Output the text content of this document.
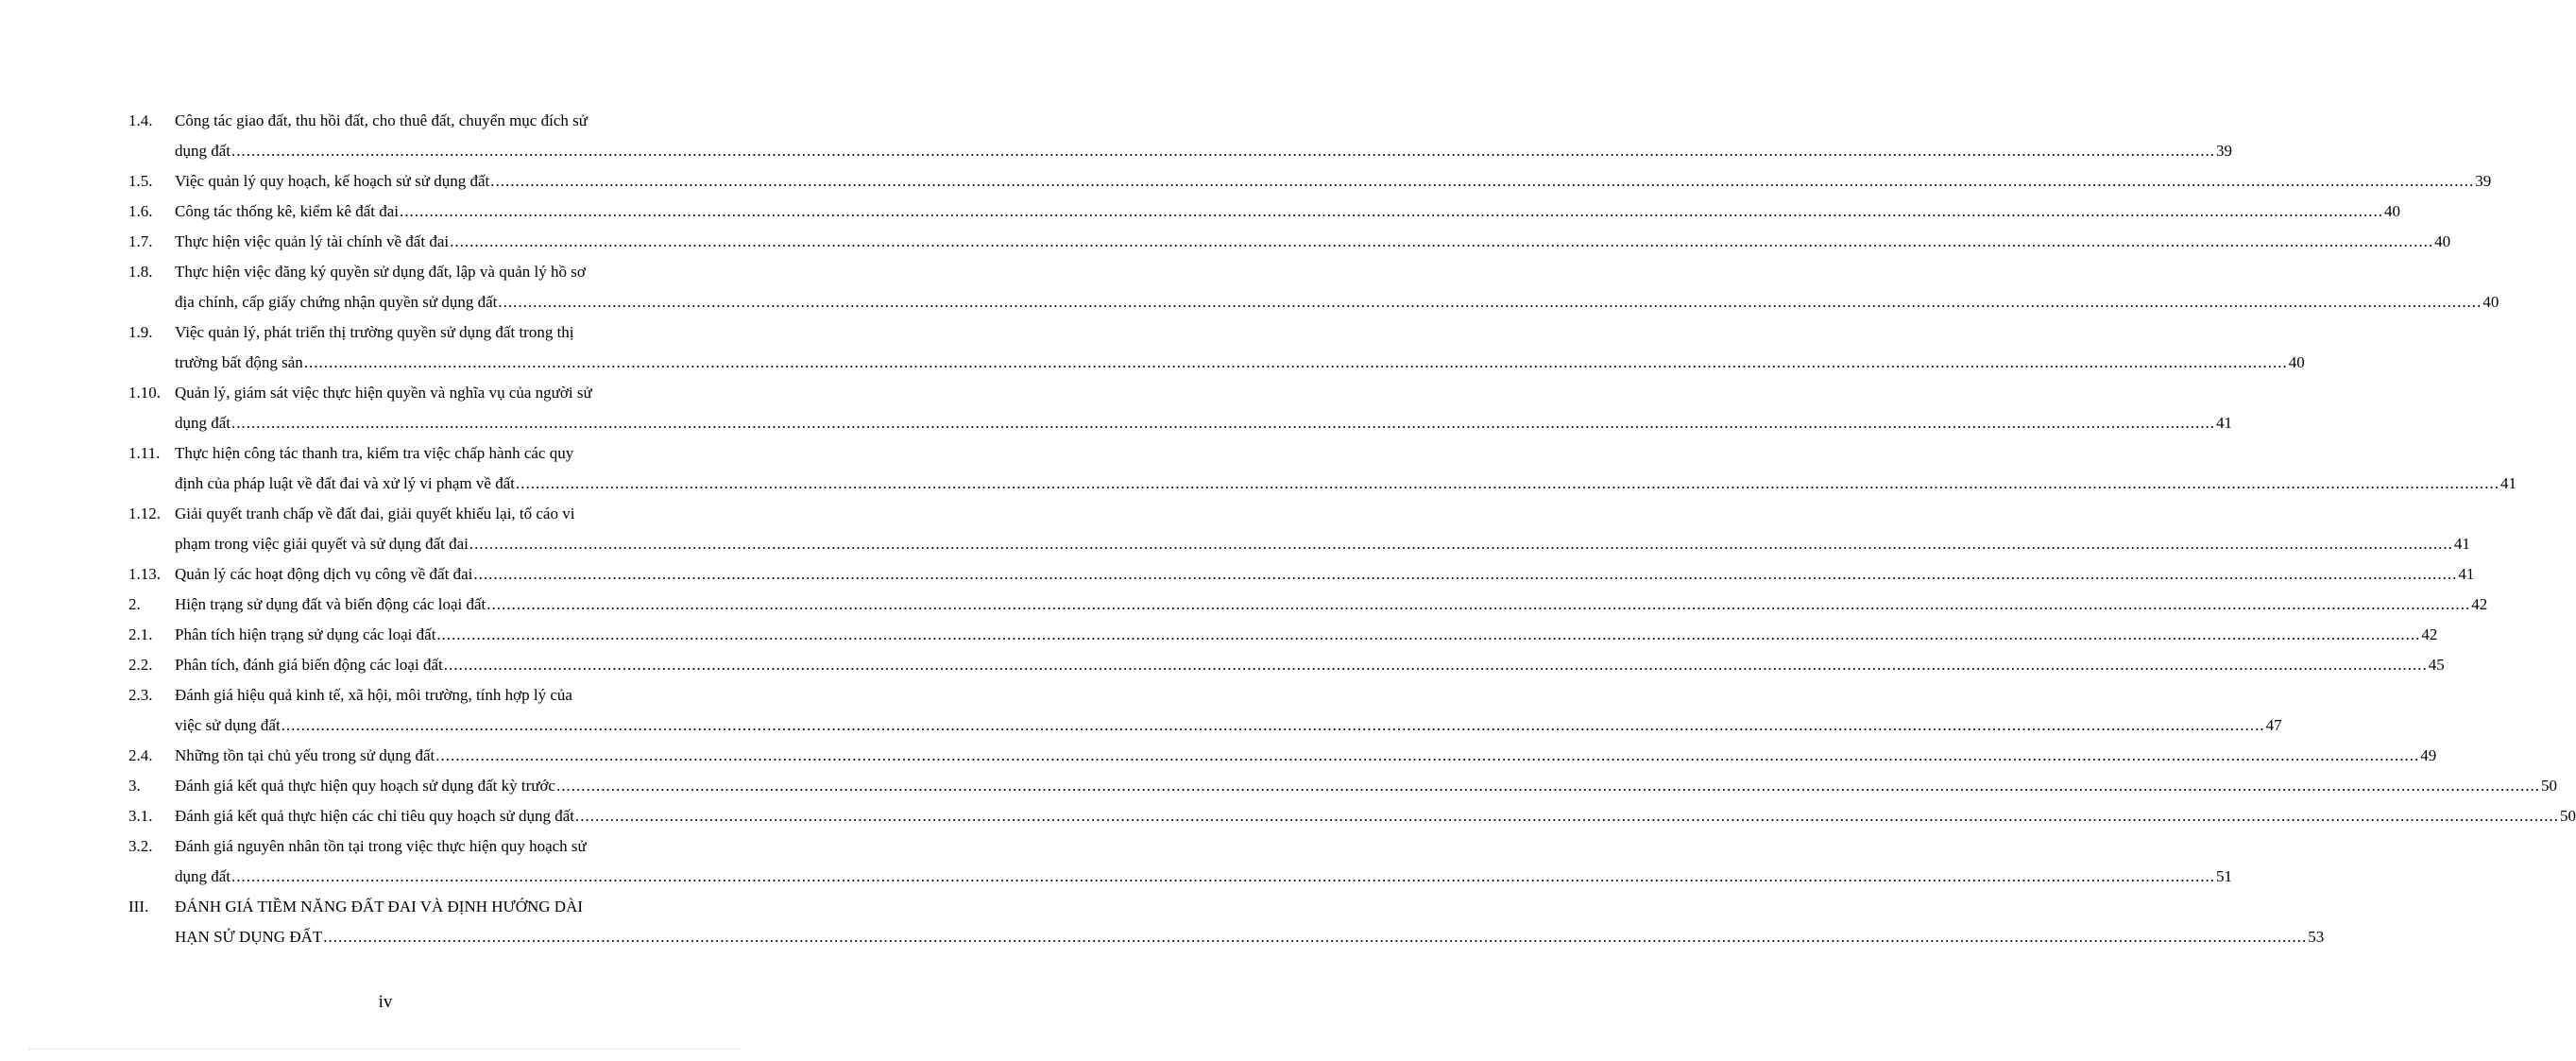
1.4. Công tác giao đất, thu hồi đất, cho thuê đất, chuyển mục đích sử
dụng đất ................................................................................................................................................................................................................................................................................................................................................................................................................ 39
1.5. Việc quản lý quy hoạch, kế hoạch sử sử dụng đất ................................................................................................................................................................................................................................................................................................................................................................................................................ 39
1.6. Công tác thống kê, kiểm kê đất đai ................................................................................................................................................................................................................................................................................................................................................................................................................ 40
1.7. Thực hiện việc quản lý tài chính về đất đai ................................................................................................................................................................................................................................................................................................................................................................................................................ 40
1.8. Thực hiện việc đăng ký quyền sử dụng đất, lập và quản lý hồ sơ
địa chính, cấp giấy chứng nhận quyền sử dụng đất ................................................................................................................................................................................................................................................................................................................................................................................................................ 40
1.9. Việc quản lý, phát triển thị trường quyền sử dụng đất trong thị
trường bất động sản ................................................................................................................................................................................................................................................................................................................................................................................................................ 40
1.10. Quản lý, giám sát việc thực hiện quyền và nghĩa vụ của người sử
dụng đất ................................................................................................................................................................................................................................................................................................................................................................................................................ 41
1.11. Thực hiện công tác thanh tra, kiểm tra việc chấp hành các quy
định của pháp luật về đất đai và xử lý vi phạm về đất ................................................................................................................................................................................................................................................................................................................................................................................................................ 41
1.12. Giải quyết tranh chấp về đất đai, giải quyết khiếu lại, tố cáo vi
phạm trong việc giải quyết và sử dụng đất đai ................................................................................................................................................................................................................................................................................................................................................................................................................ 41
1.13. Quản lý các hoạt động dịch vụ công về đất đai ................................................................................................................................................................................................................................................................................................................................................................................................................ 41
2. Hiện trạng sử dụng đất và biến động các loại đất ................................................................................................................................................................................................................................................................................................................................................................................................................ 42
2.1. Phân tích hiện trạng sử dụng các loại đất ................................................................................................................................................................................................................................................................................................................................................................................................................ 42
2.2. Phân tích, đánh giá biến động các loại đất ................................................................................................................................................................................................................................................................................................................................................................................................................ 45
2.3. Đánh giá hiệu quả kinh tế, xã hội, môi trường, tính hợp lý của
việc sử dụng đất ................................................................................................................................................................................................................................................................................................................................................................................................................ 47
2.4. Những tồn tại chủ yếu trong sử dụng đất ................................................................................................................................................................................................................................................................................................................................................................................................................ 49
3. Đánh giá kết quả thực hiện quy hoạch sử dụng đất kỳ trước ................................................................................................................................................................................................................................................................................................................................................................................................................ 50
3.1. Đánh giá kết quả thực hiện các chỉ tiêu quy hoạch sử dụng đất ................................................................................................................................................................................................................................................................................................................................................................................................................ 50
3.2. Đánh giá nguyên nhân tồn tại trong việc thực hiện quy hoạch sử
dụng đất ................................................................................................................................................................................................................................................................................................................................................................................................................ 51
III. ĐÁNH GIÁ TIỀM NĂNG ĐẤT ĐAI VÀ ĐỊNH HƯỚNG DÀI
HẠN SỬ DỤNG ĐẤT ................................................................................................................................................................................................................................................................................................................................................................................................................ 53
iv
